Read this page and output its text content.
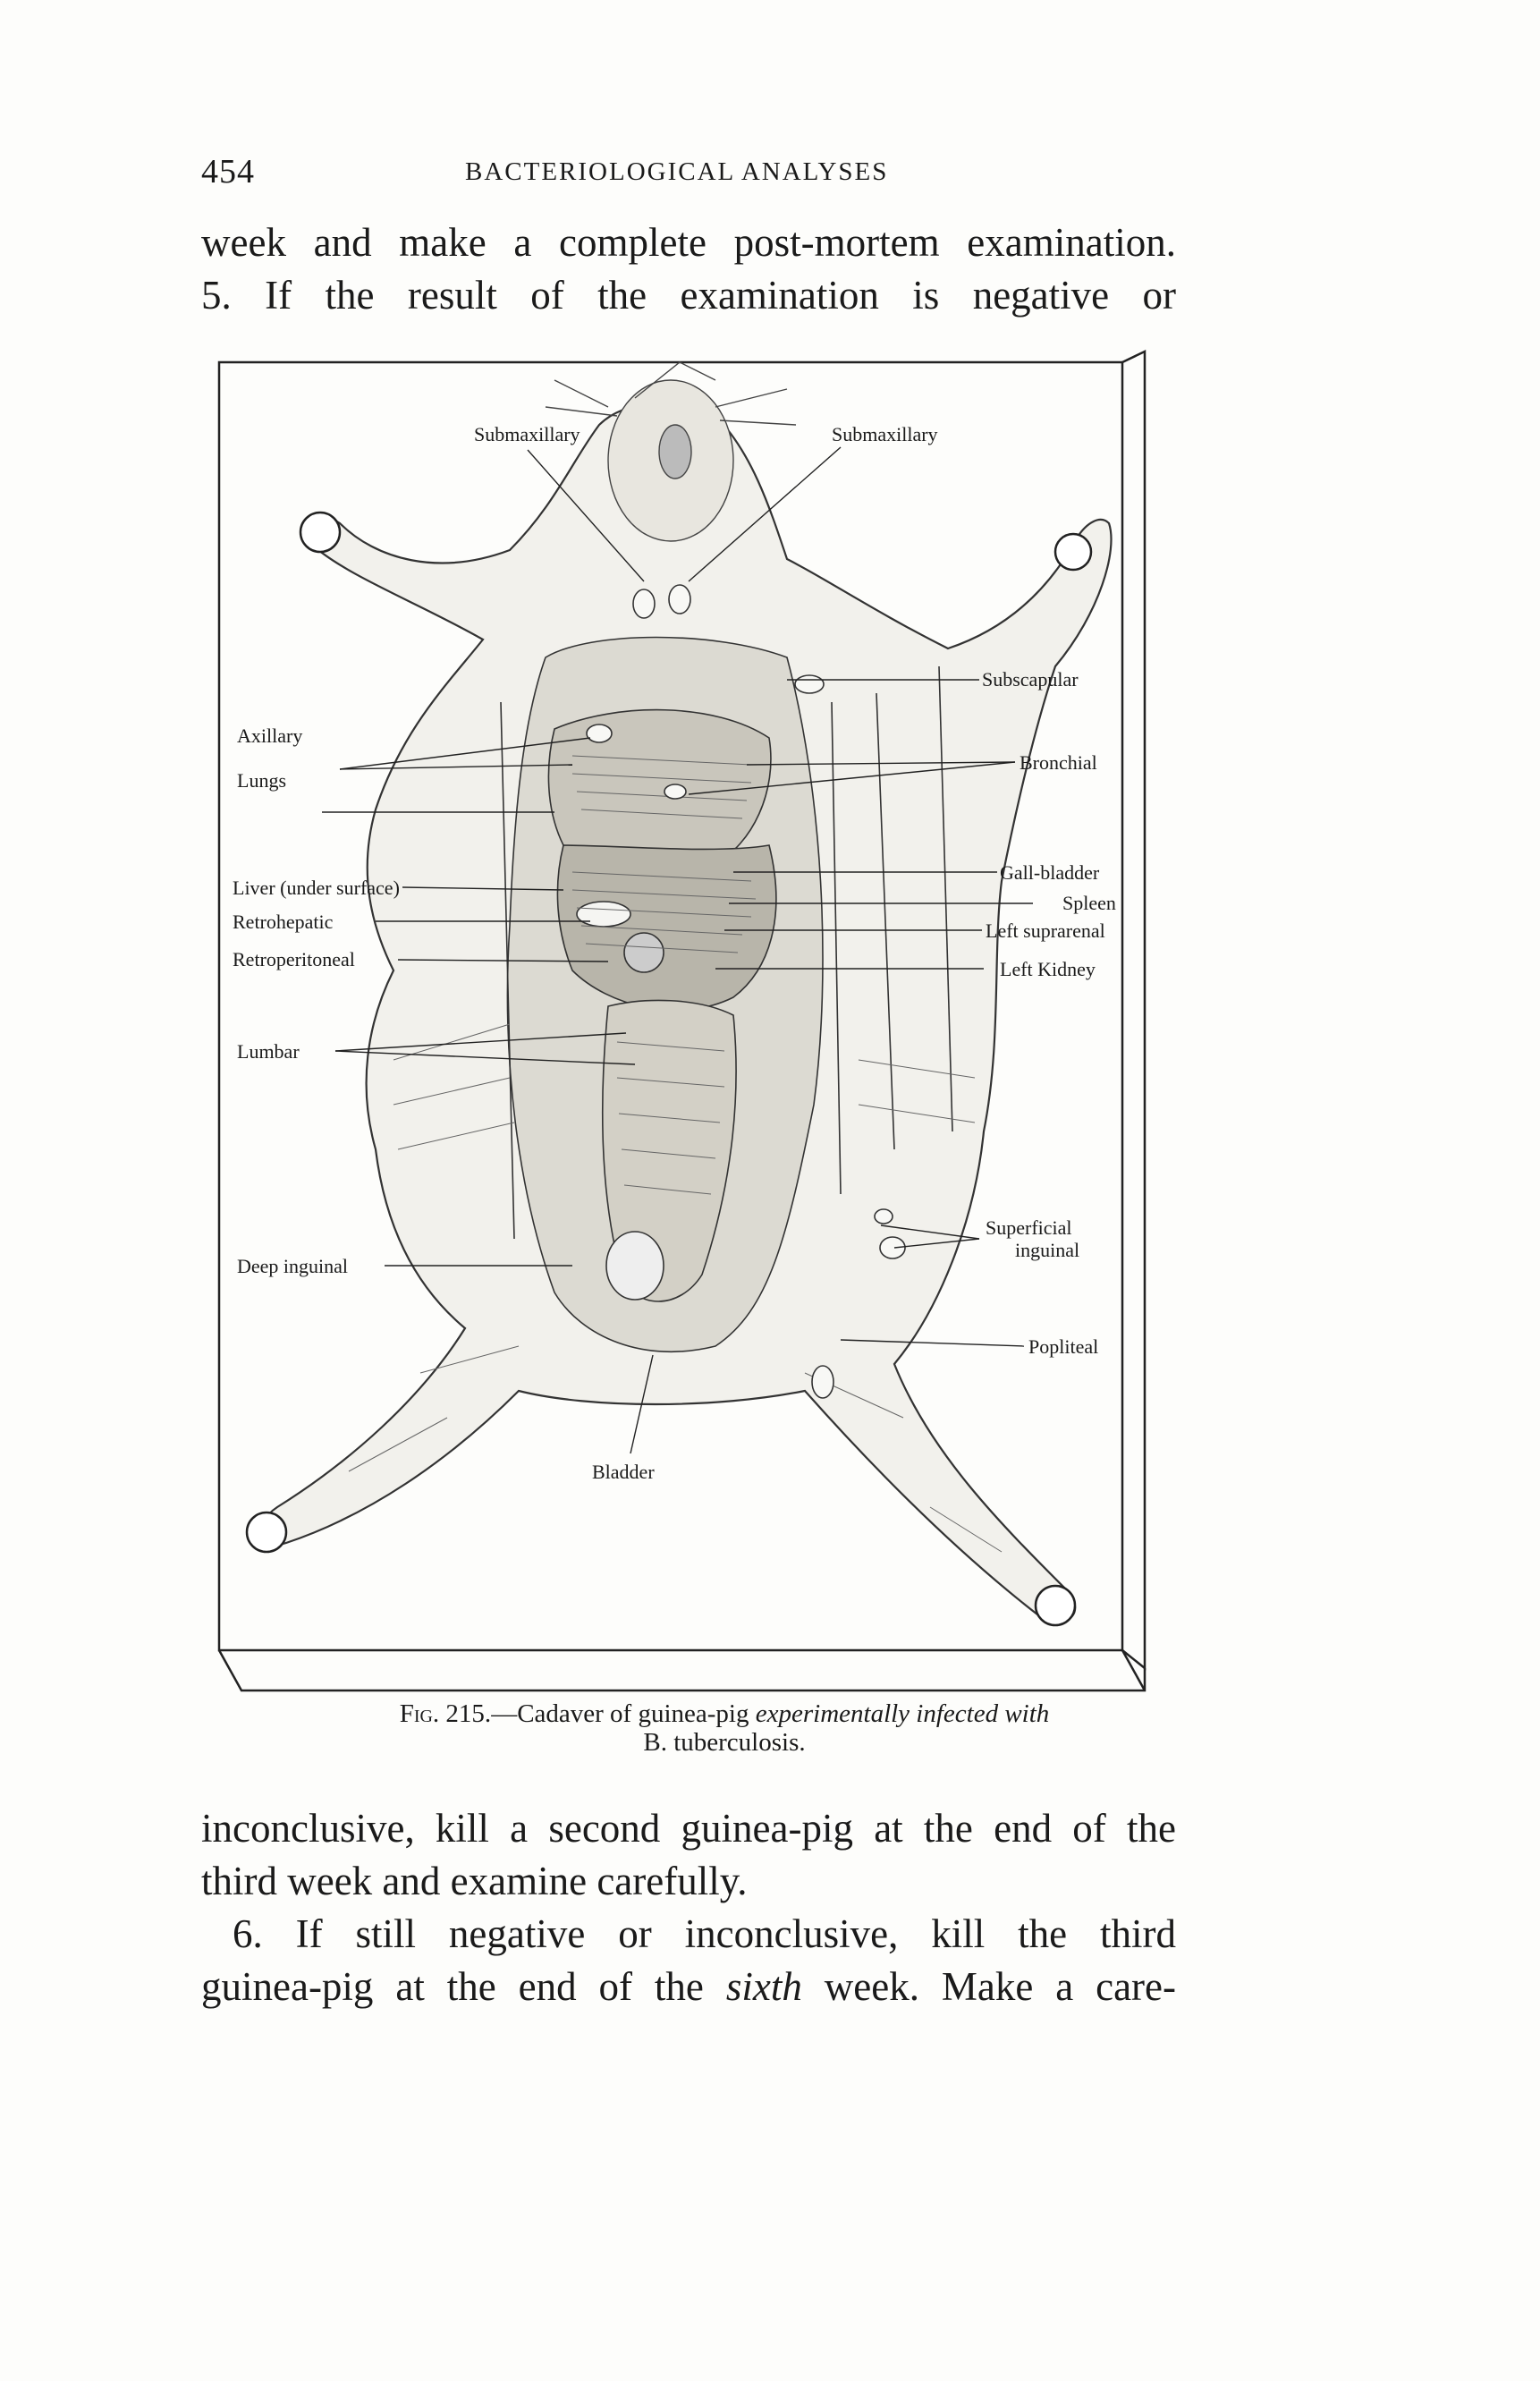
454	BACTERIOLOGICAL ANALYSES
week and make a complete post-mortem examination.
5. If the result of the examination is negative or
Submaxillary	Submaxillary
Subscapular
Axillary
Bronchial
Lungs
Liver (under surface)
Gall-bladder
Spleen
Retrohepatic	Left suprarenal
Retroperitoneal	Left Kidney
Lumbar
Superficial
inguinal
Deep inguinal
Popliteal
Bladder
Fig. 215.—Cadaver of guinea-pig experimentally infected with
B. tuberculosis.
inconclusive, kill a second guinea-pig at the end of the
third week and examine carefully.
6. If still negative or inconclusive, kill the third
guinea-pig at the end of the sixth week. Make a care-
